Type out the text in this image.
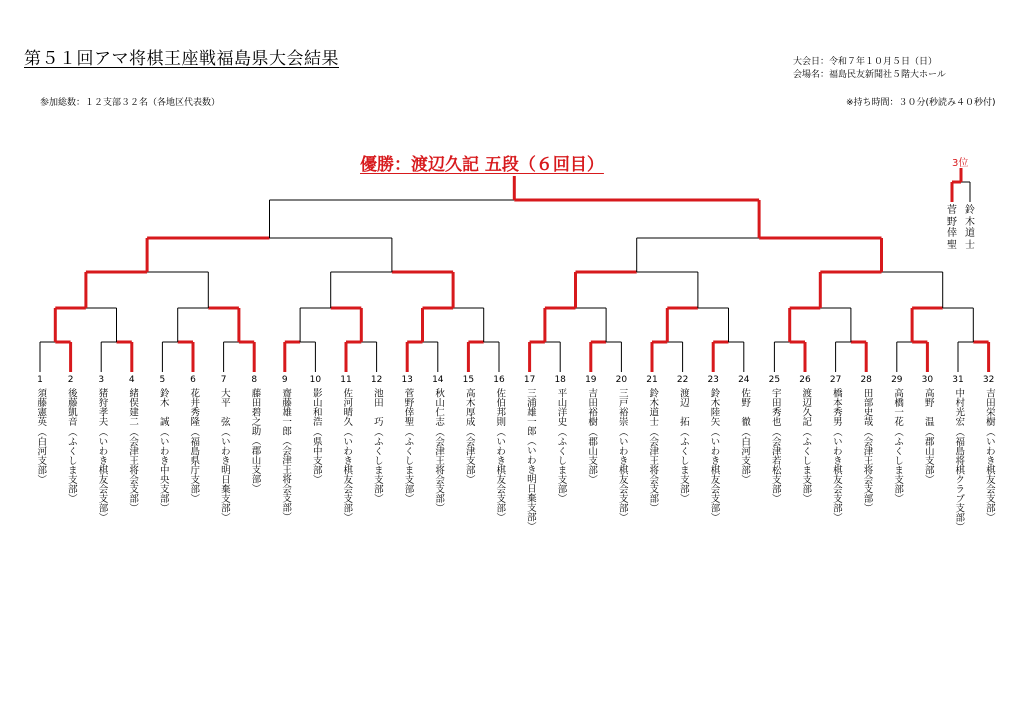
第５１回アマ将棋王座戦福島県大会結果	大会日：令和７年１０月５日（日）
会場名：福島民友新聞社５階大ホール
参加総数：１２支部３２名（各地区代表数）	※持ち時間：３０分(秒読み４０秒付)
優勝：渡辺久記 五段（６回目）	3位
菅野倖聖
鈴木道士
1
須藤憲英
（白河支部）
2
後藤凱音
（ふくしま支部）
3
猪狩孝夫
（いわき棋友会支部）
4
緒俣建二
（会津王将会支部）
5
鈴木　誠
（いわき中央支部）
6
花井秀隆
（福島県庁支部）
7
大平　弦
（いわき明日棄支部）
8
藤田碧之助
（郡山支部）
9
齋藤雄一郎
（会津王将会支部）
10
影山和浩
（県中支部）
11
佐河晴久
（いわき棋友会支部）
12
池田　巧
（ふくしま支部）
13
菅野倖聖
（ふくしま支部）
14
秋山仁志
（会津王将会支部）
15
高木厚成
（会津支部）
16
佐伯邦則
（いわき棋友会支部）
17
三浦雄一郎
（いわき明日棄支部）
18
平山洋史
（ふくしま支部）
19
吉田裕樹
（郡山支部）
20
三戸裕崇
（いわき棋友会支部）
21
鈴木道士
（会津王将会支部）
22
渡辺　拓
（ふくしま支部）
23
鈴木陸矢
（いわき棋友会支部）
24
佐野　徹
（白河支部）
25
宇田秀也
（会津若松支部）
26
渡辺久記
（ふくしま支部）
27
橋本秀男
（いわき棋友会支部）
28
田部史哉
（会津王将会支部）
29
高橋一花
（ふくしま支部）
30
高野　温
（郡山支部）
31
中村光宏
（福島将棋クラブ支部）
32
吉田栄樹
（いわき棋友会支部）
